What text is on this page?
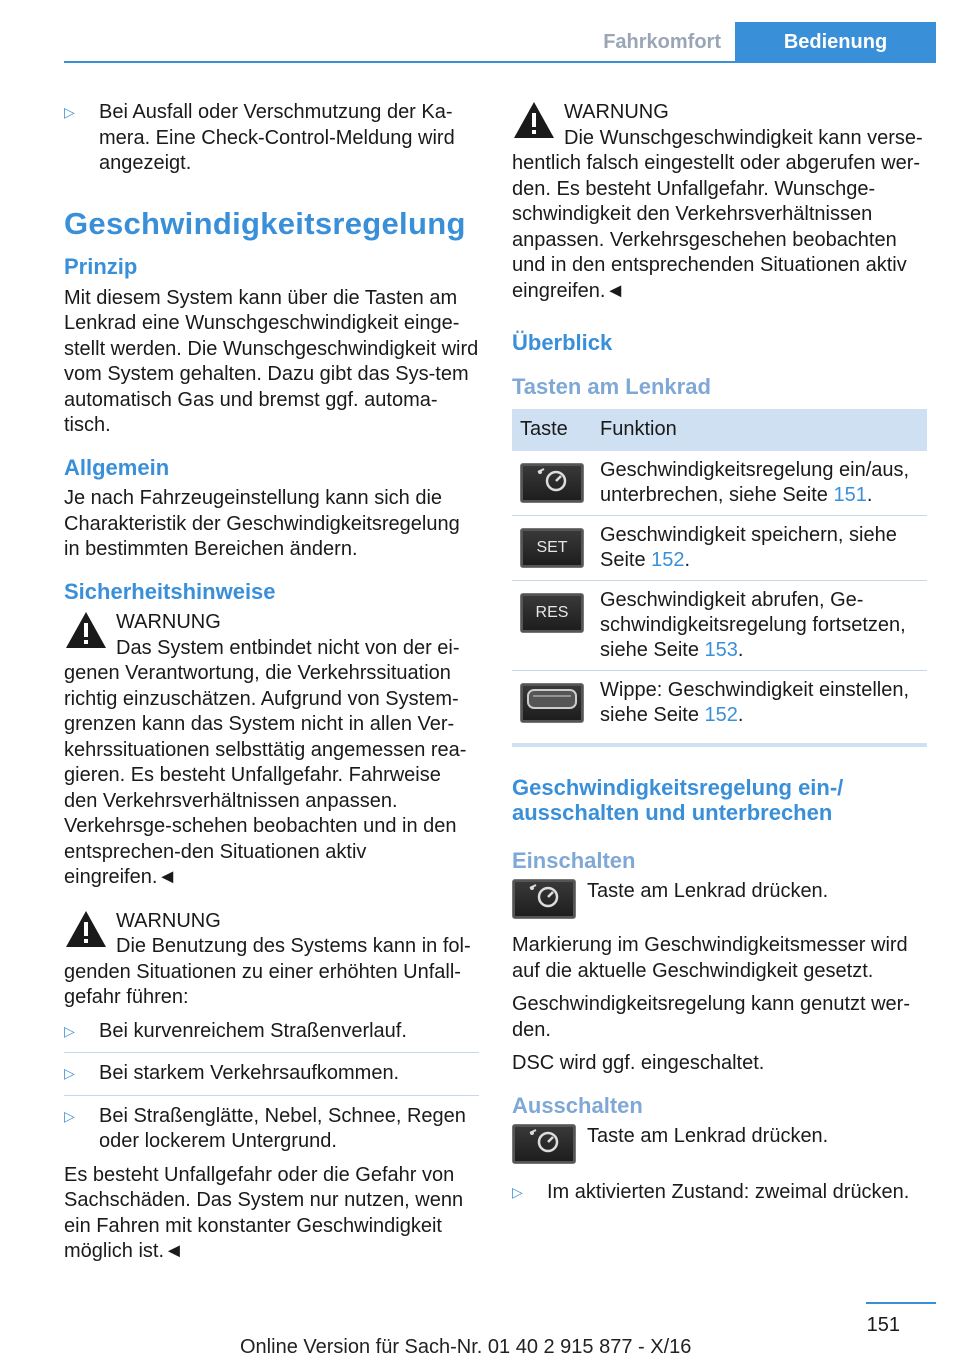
Fahrkomfort	Bedienung
▷ Bei Ausfall oder Verschmutzung der Ka‐mera. Eine Check-Control-Meldung wird angezeigt.
Geschwindigkeitsregelung
Prinzip

Mit diesem System kann über die Tasten am Lenkrad eine Wunschgeschwindigkeit einge‐stellt werden. Die Wunschgeschwindigkeit wird vom System gehalten. Dazu gibt das Sys‐tem automatisch Gas und bremst ggf. automa‐tisch.

Allgemein

Je nach Fahrzeugeinstellung kann sich die Charakteristik der Geschwindigkeitsregelung in bestimmten Bereichen ändern.

Sicherheitshinweise
WARNUNG
Das System entbindet nicht von der ei‐
genen Verantwortung, die Verkehrssituation richtig einzuschätzen. Aufgrund von System‐grenzen kann das System nicht in allen Ver‐kehrssituationen selbsttätig angemessen rea‐gieren. Es besteht Unfallgefahr. Fahrweise den Verkehrsverhältnissen anpassen. Verkehrsge‐schehen beobachten und in den entsprechen‐den Situationen aktiv eingreifen.◄
WARNUNG
Die Benutzung des Systems kann in fol‐
genden Situationen zu einer erhöhten Unfall‐gefahr führen:
▷ Bei kurvenreichem Straßenverlauf.
▷ Bei starkem Verkehrsaufkommen.
▷ Bei Straßenglätte, Nebel, Schnee, Regen oder lockerem Untergrund.

Es besteht Unfallgefahr oder die Gefahr von Sachschäden. Das System nur nutzen, wenn ein Fahren mit konstanter Geschwindigkeit möglich ist.◄

WARNUNG
Die Wunschgeschwindigkeit kann verse‐
hentlich falsch eingestellt oder abgerufen wer‐den. Es besteht Unfallgefahr. Wunschge‐schwindigkeit den Verkehrsverhältnissen anpassen. Verkehrsgeschehen beobachten und in den entsprechenden Situationen aktiv eingreifen.◄
Überblick
Tasten am Lenkrad
Taste	Funktion

	Geschwindigkeitsregelung ein/aus, unterbrechen, siehe Seite 151.

SET	Geschwindigkeit speichern, siehe Seite 152.

RES	Geschwindigkeit abrufen, Ge‐schwindigkeitsregelung fortsetzen, siehe Seite 153.

	Wippe: Geschwindigkeit einstellen, siehe Seite 152.
Geschwindigkeitsregelung ein-/ ausschalten und unterbrechen
Einschalten
Taste am Lenkrad drücken.

Markierung im Geschwindigkeitsmesser wird auf die aktuelle Geschwindigkeit gesetzt.

Geschwindigkeitsregelung kann genutzt wer‐den.

DSC wird ggf. eingeschaltet.

Ausschalten
Taste am Lenkrad drücken.
▷ Im aktivierten Zustand: zweimal drücken.
151
Online Version für Sach-Nr. 01 40 2 915 877 - X/16
